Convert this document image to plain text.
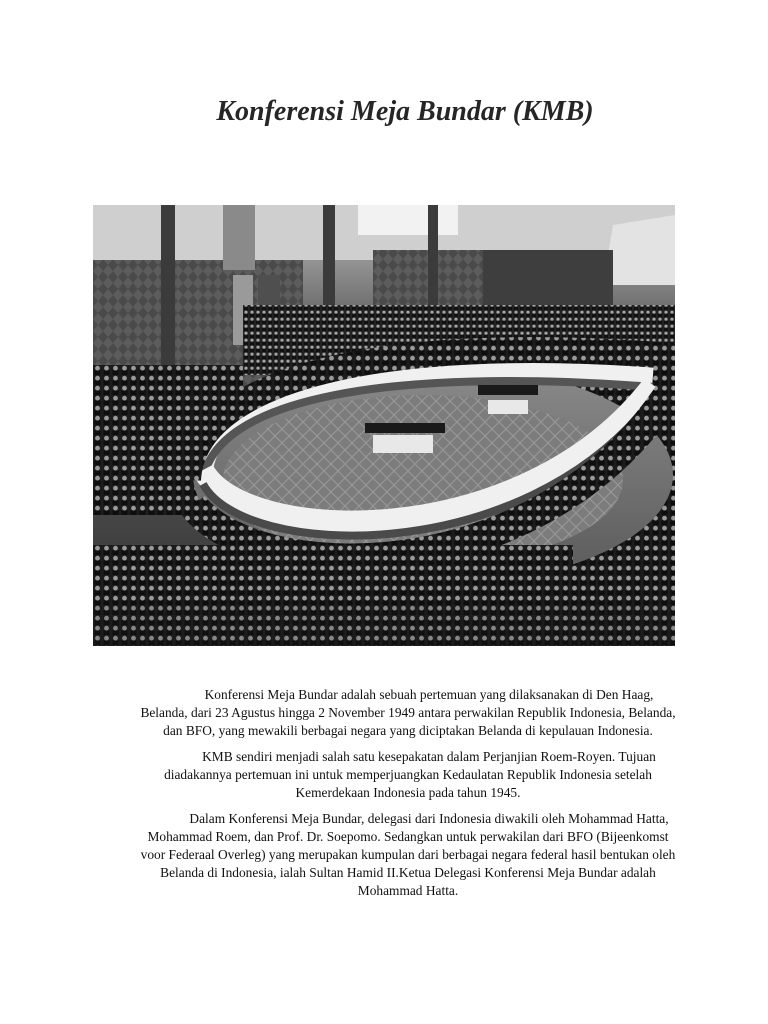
Konferensi Meja Bundar (KMB)

Konferensi Meja Bundar adalah sebuah pertemuan yang dilaksanakan di Den Haag, Belanda, dari 23 Agustus hingga 2 November 1949 antara perwakilan Republik Indonesia, Belanda, dan BFO, yang mewakili berbagai negara yang diciptakan Belanda di kepulauan Indonesia.

KMB sendiri menjadi salah satu kesepakatan dalam Perjanjian Roem-Royen. Tujuan diadakannya pertemuan ini untuk memperjuangkan Kedaulatan Republik Indonesia setelah Kemerdekaan Indonesia pada tahun 1945.

Dalam Konferensi Meja Bundar, delegasi dari Indonesia diwakili oleh Mohammad Hatta, Mohammad Roem, dan Prof. Dr. Soepomo. Sedangkan untuk perwakilan dari BFO (Bijeenkomst voor Federaal Overleg) yang merupakan kumpulan dari berbagai negara federal hasil bentukan oleh Belanda di Indonesia, ialah Sultan Hamid II.Ketua Delegasi Konferensi Meja Bundar adalah Mohammad Hatta.
